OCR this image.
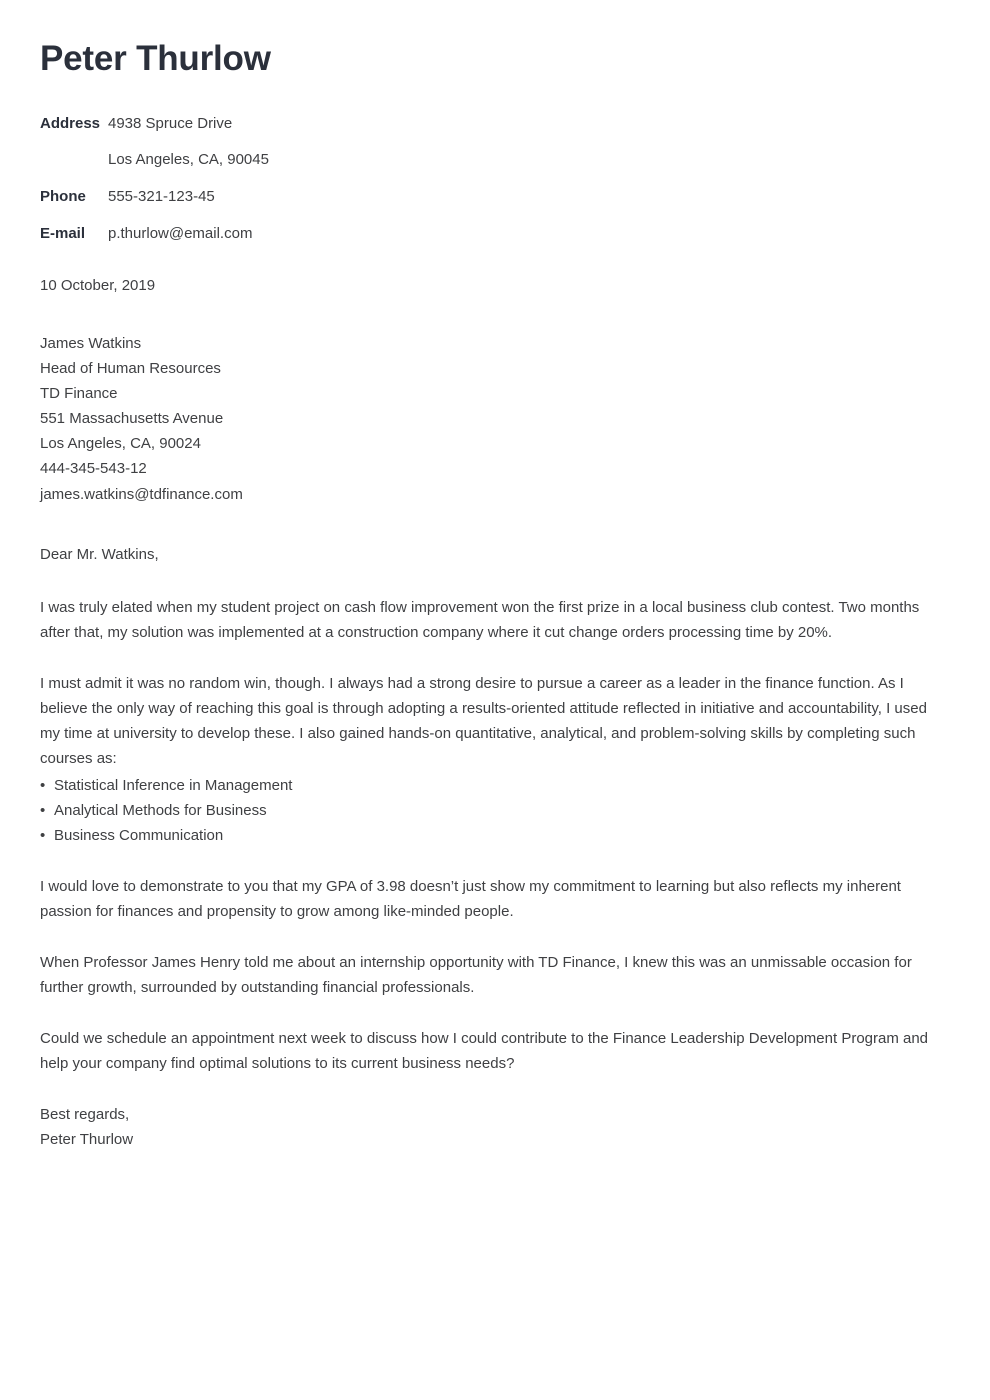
Peter Thurlow
Address 4938 Spruce Drive
Los Angeles, CA, 90045
Phone	555-321-123-45
E-mail	p.thurlow@email.com
10 October, 2019
James Watkins
Head of Human Resources
TD Finance
551 Massachusetts Avenue
Los Angeles, CA, 90024
444-345-543-12
james.watkins@tdfinance.com
Dear Mr. Watkins,

I was truly elated when my student project on cash flow improvement won the first prize in a local business club contest. Two months after that, my solution was implemented at a construction company where it cut change orders processing time by 20%.

I must admit it was no random win, though. I always had a strong desire to pursue a career as a leader in the finance function. As I believe the only way of reaching this goal is through adopting a results-oriented attitude reflected in initiative and accountability, I used my time at university to develop these. I also gained hands-on quantitative, analytical, and problem-solving skills by completing such courses as:

• Statistical Inference in Management
• Analytical Methods for Business
• Business Communication

I would love to demonstrate to you that my GPA of 3.98 doesn’t just show my commitment to learning but also reflects my inherent passion for finances and propensity to grow among like-minded people.

When Professor James Henry told me about an internship opportunity with TD Finance, I knew this was an unmissable occasion for further growth, surrounded by outstanding financial professionals.

Could we schedule an appointment next week to discuss how I could contribute to the Finance Leadership Development Program and help your company find optimal solutions to its current business needs?

Best regards,
Peter Thurlow
